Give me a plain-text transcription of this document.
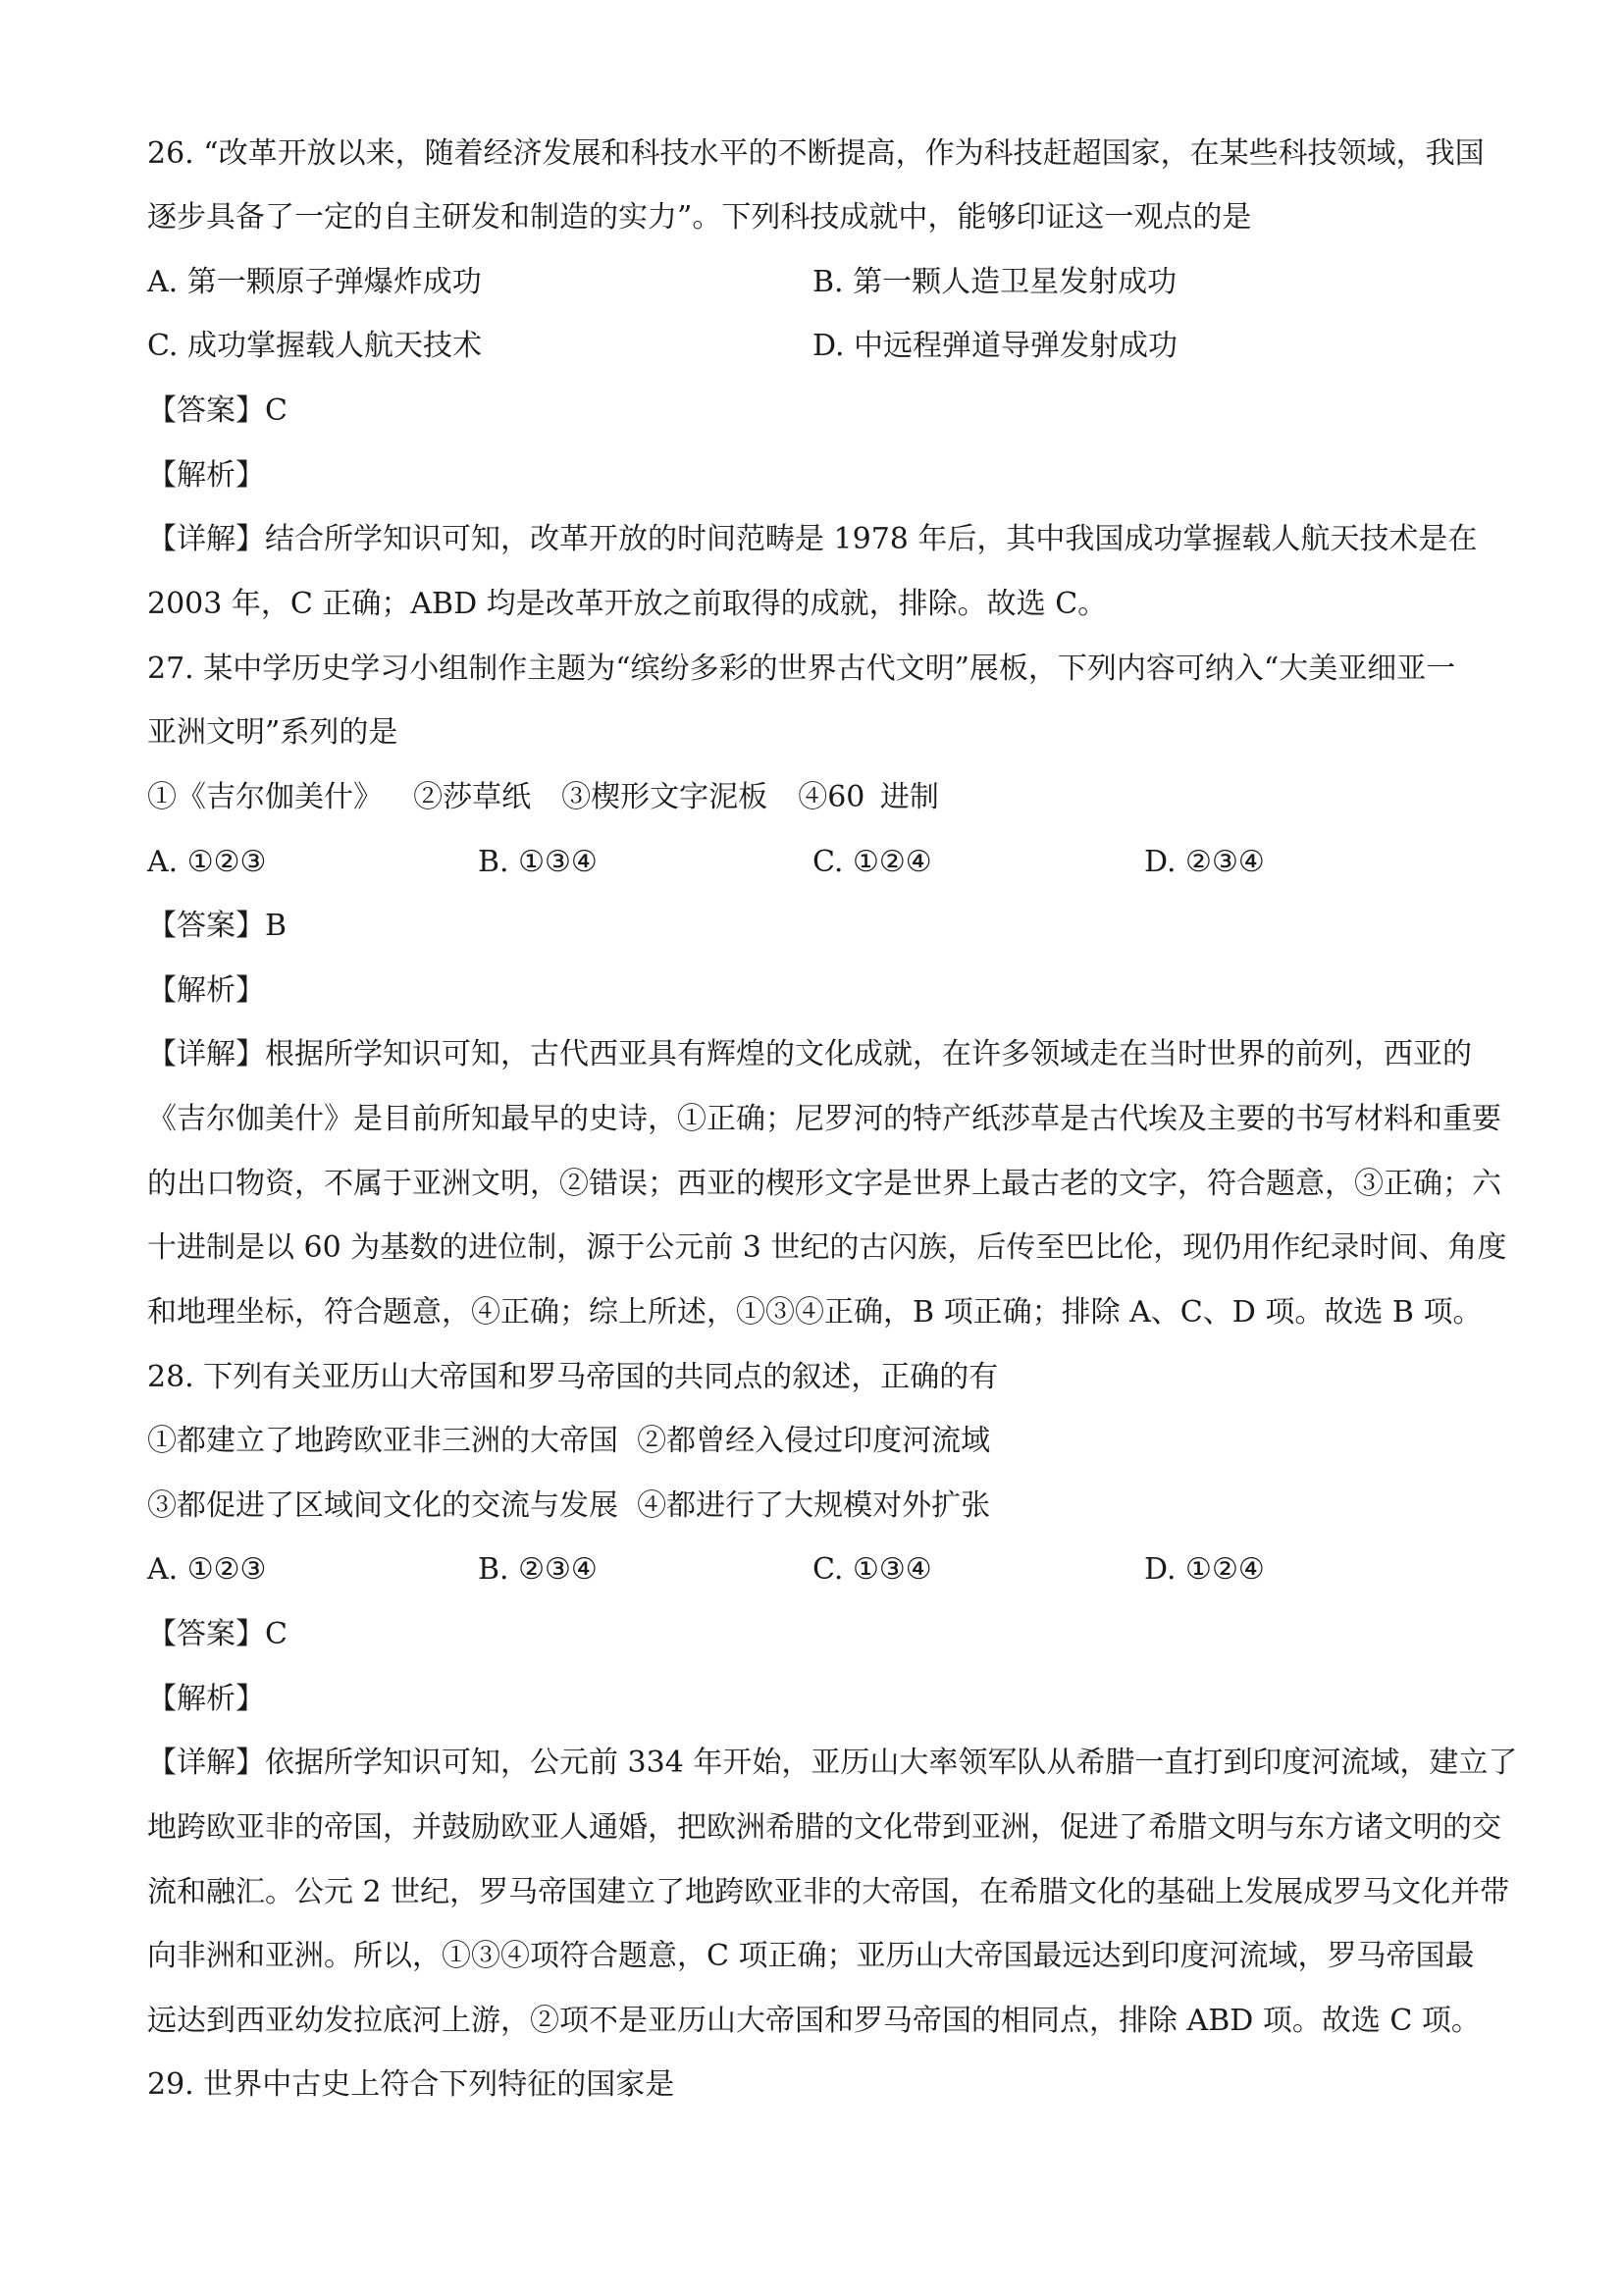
26. “改革开放以来，随着经济发展和科技水平的不断提高，作为科技赶超国家，在某些科技领域，我国
逐步具备了一定的自主研发和制造的实力”。下列科技成就中，能够印证这一观点的是
A. 第一颗原子弹爆炸成功	B. 第一颗人造卫星发射成功
C. 成功掌握载人航天技术	D. 中远程弹道导弹发射成功
【答案】C
【解析】
【详解】结合所学知识可知，改革开放的时间范畴是 1978 年后，其中我国成功掌握载人航天技术是在
2003 年，C 正确；ABD 均是改革开放之前取得的成就，排除。故选 C。
27. 某中学历史学习小组制作主题为“缤纷多彩的世界古代文明”展板，下列内容可纳入“大美亚细亚一
亚洲文明”系列的是
①《吉尔伽美什》  ②莎草纸  ③楔形文字泥板  ④60 进制
A. ①②③	B. ①③④	C. ①②④	D. ②③④
【答案】B
【解析】
【详解】根据所学知识可知，古代西亚具有辉煌的文化成就，在许多领域走在当时世界的前列，西亚的
《吉尔伽美什》是目前所知最早的史诗，①正确；尼罗河的特产纸莎草是古代埃及主要的书写材料和重要
的出口物资，不属于亚洲文明，②错误；西亚的楔形文字是世界上最古老的文字，符合题意，③正确；六
十进制是以 60 为基数的进位制，源于公元前 3 世纪的古闪族，后传至巴比伦，现仍用作纪录时间、角度
和地理坐标，符合题意，④正确；综上所述，①③④正确，B 项正确；排除 A、C、D 项。故选 B 项。
28. 下列有关亚历山大帝国和罗马帝国的共同点的叙述，正确的有
①都建立了地跨欧亚非三洲的大帝国  ②都曾经入侵过印度河流域
③都促进了区域间文化的交流与发展  ④都进行了大规模对外扩张
A. ①②③	B. ②③④	C. ①③④	D. ①②④
【答案】C
【解析】
【详解】依据所学知识可知，公元前 334 年开始，亚历山大率领军队从希腊一直打到印度河流域，建立了
地跨欧亚非的帝国，并鼓励欧亚人通婚，把欧洲希腊的文化带到亚洲，促进了希腊文明与东方诸文明的交
流和融汇。公元 2 世纪，罗马帝国建立了地跨欧亚非的大帝国，在希腊文化的基础上发展成罗马文化并带
向非洲和亚洲。所以，①③④项符合题意，C 项正确；亚历山大帝国最远达到印度河流域，罗马帝国最
远达到西亚幼发拉底河上游，②项不是亚历山大帝国和罗马帝国的相同点，排除 ABD 项。故选 C 项。
29. 世界中古史上符合下列特征的国家是
